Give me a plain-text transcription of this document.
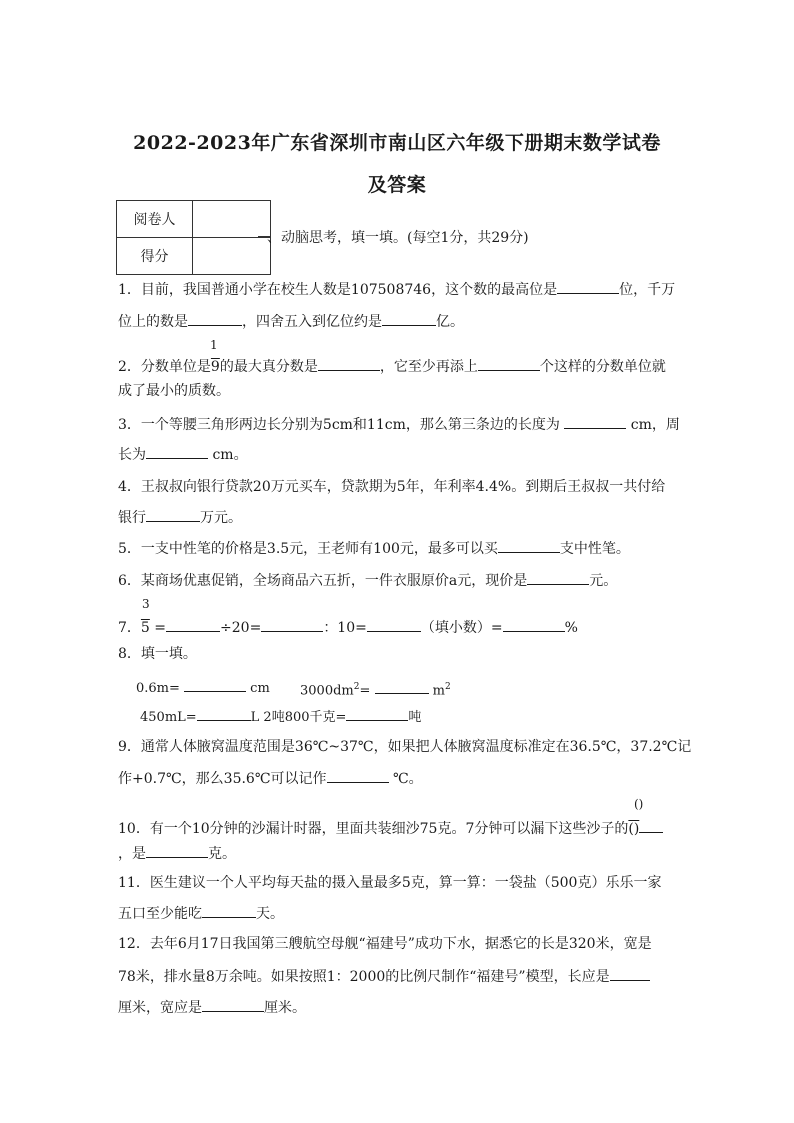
2022-2023年广东省深圳市南山区六年级下册期末数学试卷
及答案
阅卷人	
得分	
、动脑思考，填一填。(每空1分，共29分)
1．目前，我国普通小学在校生人数是107508746，这个数的最高位是	位，千万
位上的数是	，四舍五入到亿位约是	亿。
1
2．分数单位是9的最大真分数是	，它至少再添上	个这样的分数单位就
成了最小的质数。
3．一个等腰三角形两边长分别为5cm和11cm，那么第三条边的长度为	cm，周
长为	cm。
4．王叔叔向银行贷款20万元买车，贷款期为5年，年利率4.4%。到期后王叔叔一共付给
银行	万元。
5．一支中性笔的价格是3.5元，王老师有100元，最多可以买	支中性笔。
6．某商场优惠促销，全场商品六五折，一件衣服原价a元，现价是	元。
3
7．5 =	÷20=	：10=	（填小数）=	%
8．填一填。
0.6m=	cm $3000dm^2=$	$m^2$
450mL=	L 2吨800千克=	吨
9．通常人体腋窝温度范围是36℃~37℃，如果把人体腋窝温度标准定在36.5℃，37.2℃记
作+0.7℃，那么35.6℃可以记作	℃。
()
10．有一个10分钟的沙漏计时器，里面共装细沙75克。7分钟可以漏下这些沙子的()
，是	克。
11．医生建议一个人平均每天盐的摄入量最多5克，算一算：一袋盐（500克）乐乐一家
五口至少能吃	天。
12．去年6月17日我国第三艘航空母舰“福建号”成功下水，据悉它的长是320米，宽是
78米，排水量8万余吨。如果按照1：2000的比例尺制作“福建号”模型，长应是
厘米，宽应是	厘米。
